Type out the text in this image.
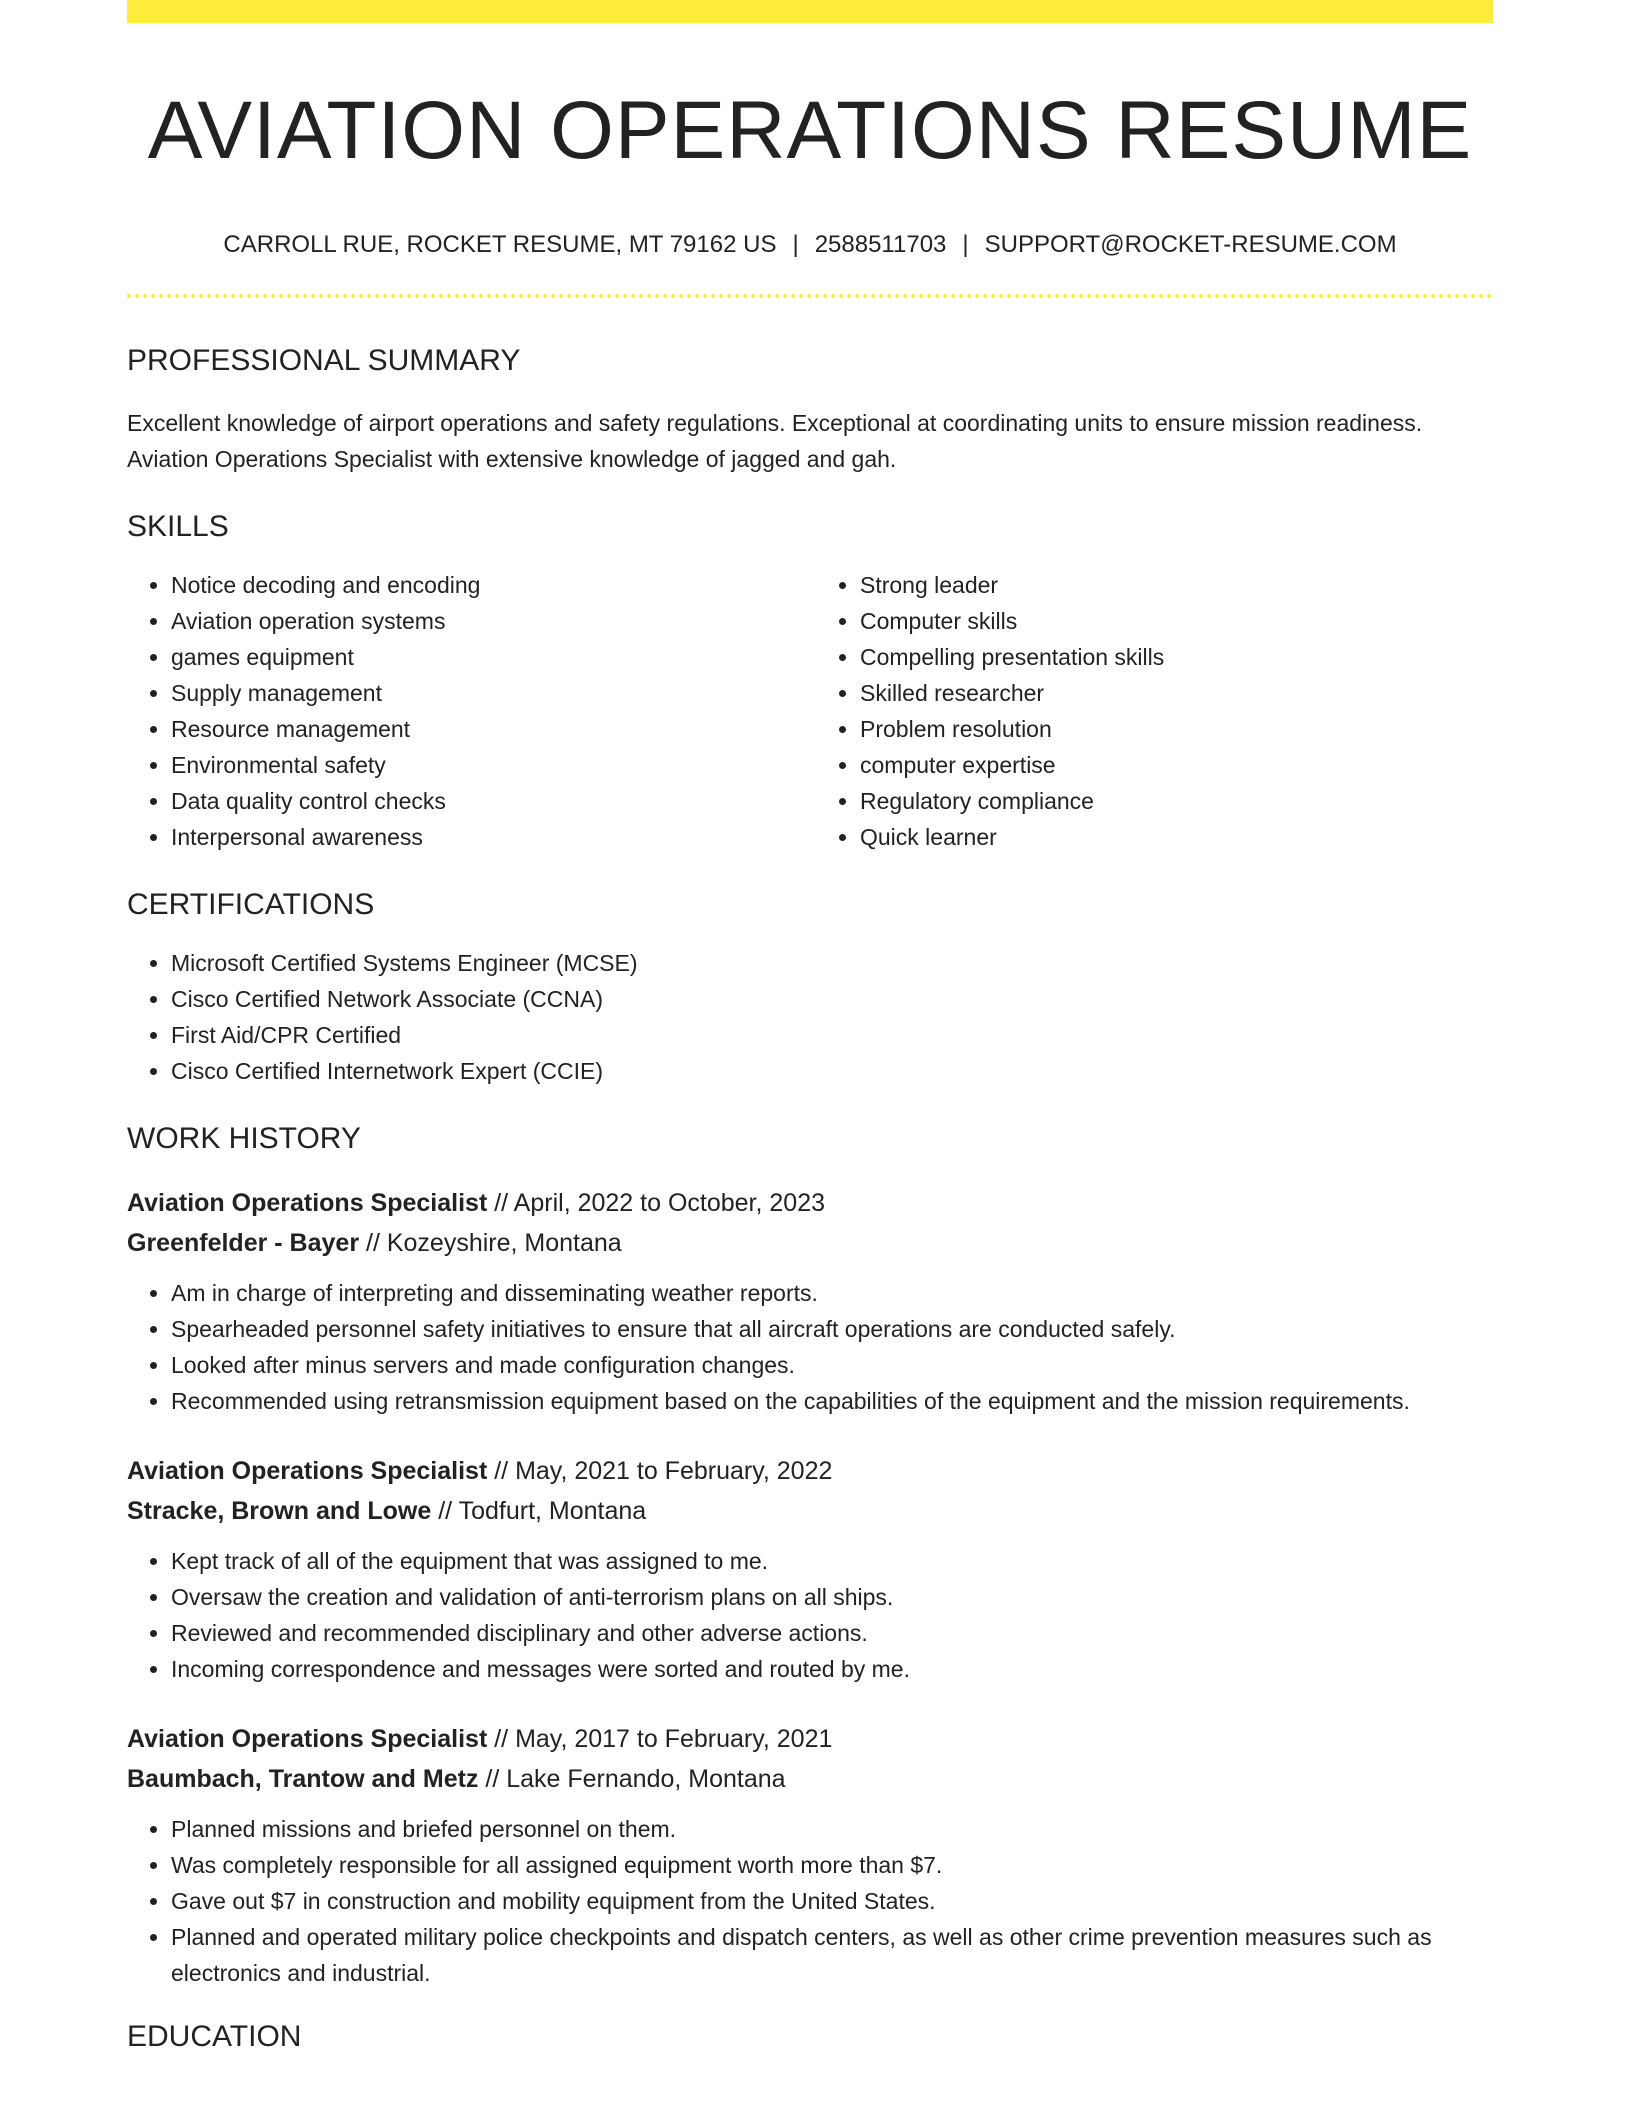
AVIATION OPERATIONS RESUME
CARROLL RUE, ROCKET RESUME, MT 79162 US | 2588511703 | SUPPORT@ROCKET-RESUME.COM
PROFESSIONAL SUMMARY

Excellent knowledge of airport operations and safety regulations. Exceptional at coordinating units to ensure mission readiness. Aviation Operations Specialist with extensive knowledge of jagged and gah.

SKILLS
• Notice decoding and encoding
• Aviation operation systems
• games equipment
• Supply management
• Resource management
• Environmental safety
• Data quality control checks
• Interpersonal awareness
• Strong leader
• Computer skills
• Compelling presentation skills
• Skilled researcher
• Problem resolution
• computer expertise
• Regulatory compliance
• Quick learner
CERTIFICATIONS
• Microsoft Certified Systems Engineer (MCSE)
• Cisco Certified Network Associate (CCNA)
• First Aid/CPR Certified
• Cisco Certified Internetwork Expert (CCIE)
WORK HISTORY
Aviation Operations Specialist // April, 2022 to October, 2023
Greenfelder - Bayer // Kozeyshire, Montana
• Am in charge of interpreting and disseminating weather reports.
• Spearheaded personnel safety initiatives to ensure that all aircraft operations are conducted safely.
• Looked after minus servers and made configuration changes.
• Recommended using retransmission equipment based on the capabilities of the equipment and the mission requirements.
Aviation Operations Specialist // May, 2021 to February, 2022
Stracke, Brown and Lowe // Todfurt, Montana
• Kept track of all of the equipment that was assigned to me.
• Oversaw the creation and validation of anti-terrorism plans on all ships.
• Reviewed and recommended disciplinary and other adverse actions.
• Incoming correspondence and messages were sorted and routed by me.
Aviation Operations Specialist // May, 2017 to February, 2021
Baumbach, Trantow and Metz // Lake Fernando, Montana
• Planned missions and briefed personnel on them.
• Was completely responsible for all assigned equipment worth more than $7.
• Gave out $7 in construction and mobility equipment from the United States.
• Planned and operated military police checkpoints and dispatch centers, as well as other crime prevention measures such as electronics and industrial.
EDUCATION
